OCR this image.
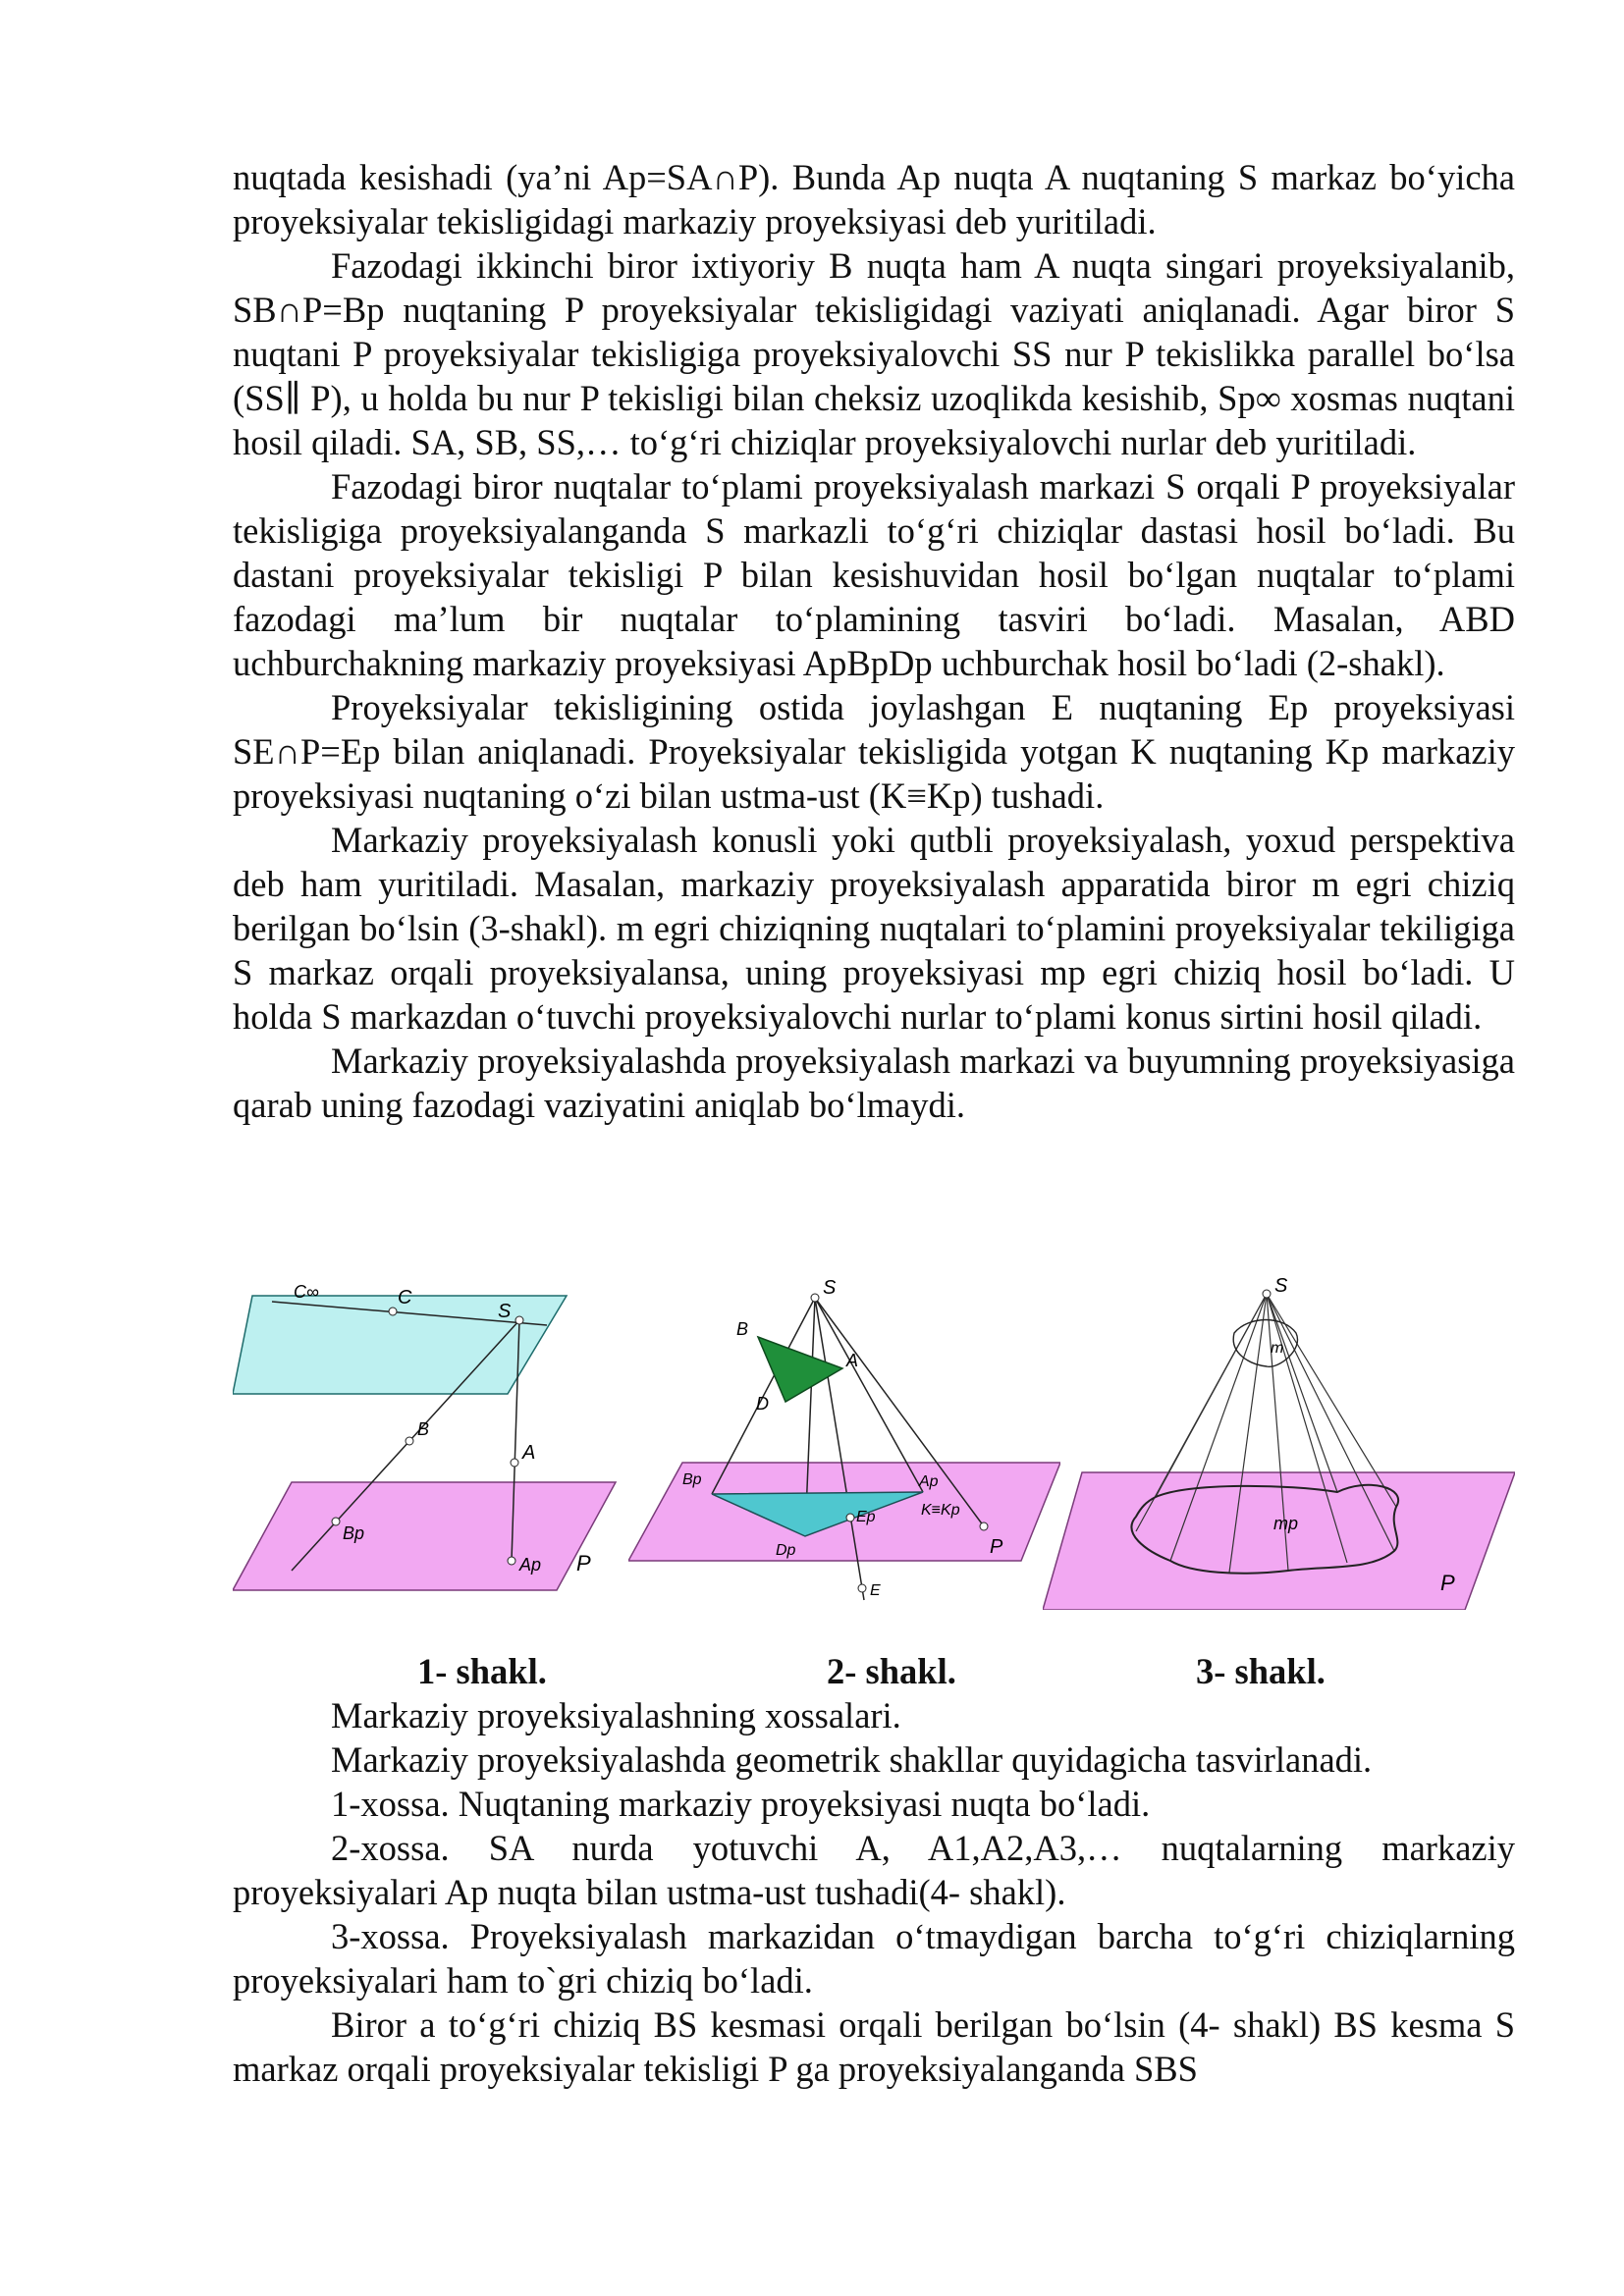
nuqtada kesishadi (ya’ni Ap=SA∩P). Bunda Ap nuqta A nuqtaning S markaz bo‘yicha proyeksiyalar tekisligidagi markaziy proyeksiyasi deb yuritiladi.

Fazodagi ikkinchi biror ixtiyoriy B nuqta ham A nuqta singari proyeksiyalanib, SB∩P=Bp nuqtaning P proyeksiyalar tekisligidagi vaziyati aniqlanadi. Agar biror S nuqtani P proyeksiyalar tekisligiga proyeksiyalovchi SS nur P tekislikka parallel bo‘lsa (SS∥ P), u holda bu nur P tekisligi bilan cheksiz uzoqlikda kesishib, Sp∞ xosmas nuqtani hosil qiladi. SA, SB, SS,… to‘g‘ri chiziqlar proyeksiyalovchi nurlar deb yuritiladi.

Fazodagi biror nuqtalar to‘plami proyeksiyalash markazi S orqali P proyeksiyalar tekisligiga proyeksiyalanganda S markazli to‘g‘ri chiziqlar dastasi hosil bo‘ladi. Bu dastani proyeksiyalar tekisligi P bilan kesishuvidan hosil bo‘lgan nuqtalar to‘plami fazodagi ma’lum bir nuqtalar to‘plamining tasviri bo‘ladi. Masalan, ABD uchburchakning markaziy proyeksiyasi ApBpDp uchburchak hosil bo‘ladi (2-shakl).

Proyeksiyalar tekisligining ostida joylashgan E nuqtaning Ep proyeksiyasi SE∩P=Ep bilan aniqlanadi. Proyeksiyalar tekisligida yotgan K nuqtaning Kp markaziy proyeksiyasi nuqtaning o‘zi bilan ustma-ust (K≡Kp) tushadi.

Markaziy proyeksiyalash konusli yoki qutbli proyeksiyalash, yoxud perspektiva deb ham yuritiladi. Masalan, markaziy proyeksiyalash apparatida biror m egri chiziq berilgan bo‘lsin (3-shakl). m egri chiziqning nuqtalari to‘plamini proyeksiyalar tekiligiga S markaz orqali proyeksiyalansa, uning proyeksiyasi mp egri chiziq hosil bo‘ladi. U holda S markazdan o‘tuvchi proyeksiyalovchi nurlar to‘plami konus sirtini hosil qiladi.

Markaziy proyeksiyalashda proyeksiyalash markazi va buyumning proyeksiyasiga qarab uning fazodagi vaziyatini aniqlab bo‘lmaydi.

C∞	C
S
B
A
Bp
Ap P
S
B
A
D
Bp	Ap
Ep
Dp
K≡Kp
P
E
S
m
mp
P
1- shakl.	2- shakl.	3- shakl.

Markaziy proyeksiyalashning xossalari.

Markaziy proyeksiyalashda geometrik shakllar quyidagicha tasvirlanadi.

1-xossa. Nuqtaning markaziy proyeksiyasi nuqta bo‘ladi.

2-xossa. SA nurda yotuvchi A, A1,A2,A3,… nuqtalarning markaziy proyeksiyalari Ap nuqta bilan ustma-ust tushadi(4- shakl).

3-xossa. Proyeksiyalash markazidan o‘tmaydigan barcha to‘g‘ri chiziqlarning proyeksiyalari ham to`gri chiziq bo‘ladi.

Biror a to‘g‘ri chiziq BS kesmasi orqali berilgan bo‘lsin (4- shakl) BS kesma S markaz orqali proyeksiyalar tekisligi P ga proyeksiyalanganda SBS
